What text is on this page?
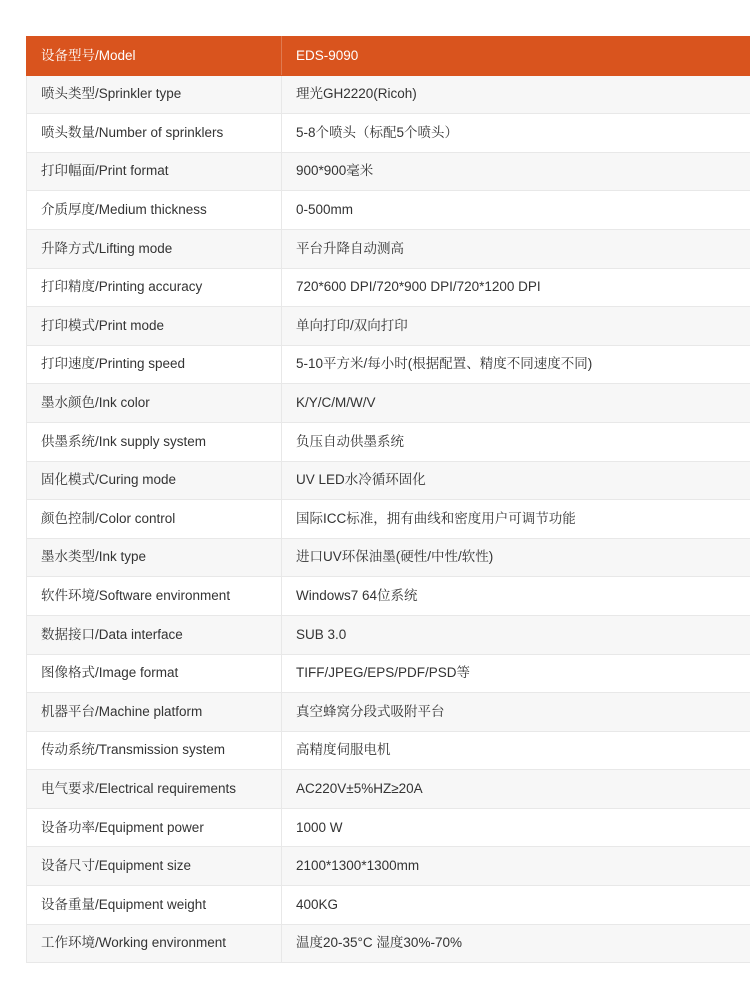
设备型号/Model	EDS-9090

喷头类型/Sprinkler type	理光GH2220(Ricoh)

喷头数量/Number of sprinklers	5-8个喷头（标配5个喷头）

打印幅面/Print format	900*900毫米

介质厚度/Medium thickness	0-500mm

升降方式/Lifting mode	平台升降自动测高

打印精度/Printing accuracy	720*600 DPI/720*900 DPI/720*1200 DPI

打印模式/Print mode	单向打印/双向打印

打印速度/Printing speed	5-10平方米/每小时(根据配置、精度不同速度不同)

墨水颜色/Ink color	K/Y/C/M/W/V

供墨系统/Ink supply system	负压自动供墨系统

固化模式/Curing mode	UV LED水冷循环固化

颜色控制/Color control	国际ICC标准，拥有曲线和密度用户可调节功能

墨水类型/Ink type	进口UV环保油墨(硬性/中性/软性)

软件环境/Software environment	Windows7 64位系统

数据接口/Data interface	SUB 3.0

图像格式/Image format	TIFF/JPEG/EPS/PDF/PSD等

机器平台/Machine platform	真空蜂窝分段式吸附平台

传动系统/Transmission system	高精度伺服电机

电气要求/Electrical requirements	AC220V±5%HZ≥20A

设备功率/Equipment power	1000 W

设备尺寸/Equipment size	2100*1300*1300mm

设备重量/Equipment weight	400KG

工作环境/Working environment	温度20-35°C 湿度30%-70%
